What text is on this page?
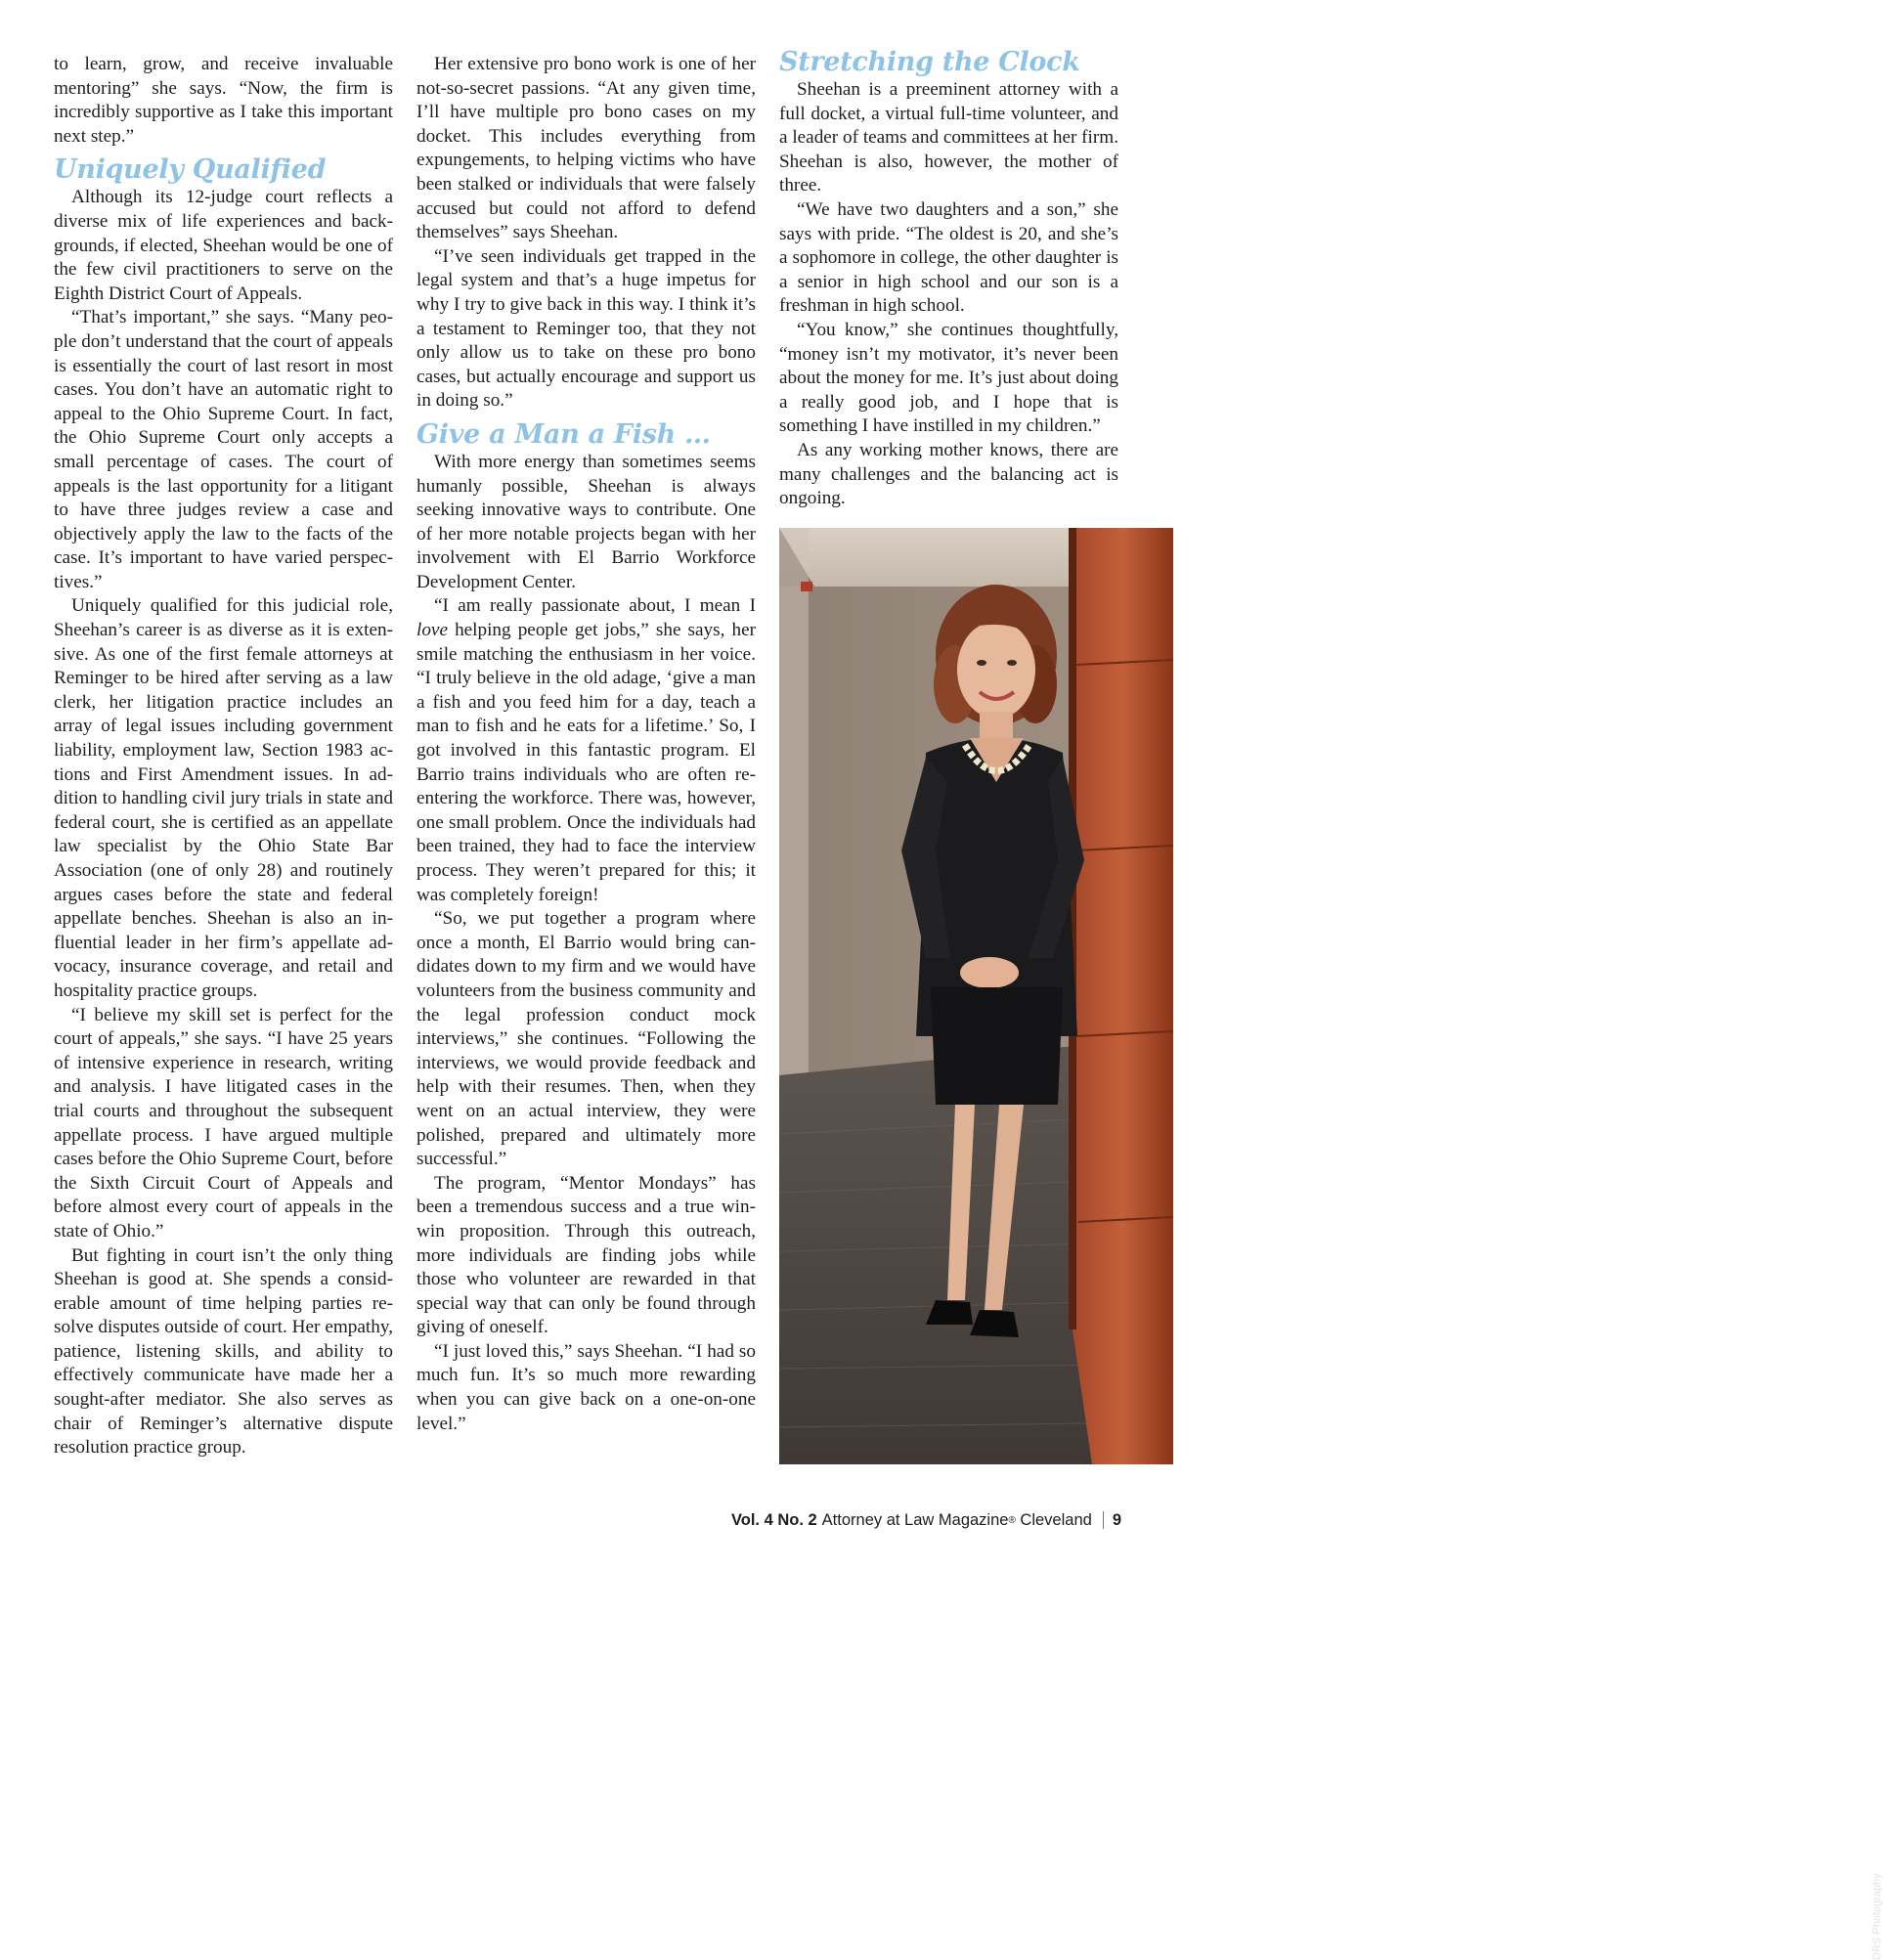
to learn, grow, and receive invaluable mentoring” she says. “Now, the firm is incredibly supportive as I take this important next step.”

Uniquely Qualified

Although its 12-judge court reflects a diverse mix of life experiences and backgrounds, if elected, Sheehan would be one of the few civil practitioners to serve on the Eighth District Court of Appeals.

“That’s important,” she says. “Many people don’t understand that the court of appeals is essentially the court of last resort in most cases. You don’t have an automatic right to appeal to the Ohio Supreme Court. In fact, the Ohio Supreme Court only accepts a small percentage of cases. The court of appeals is the last opportunity for a litigant to have three judges review a case and objectively apply the law to the facts of the case. It’s important to have varied perspectives.”

Uniquely qualified for this judicial role, Sheehan’s career is as diverse as it is extensive. As one of the first female attorneys at Reminger to be hired after serving as a law clerk, her litigation practice includes an array of legal issues including government liability, employment law, Section 1983 actions and First Amendment issues. In addition to handling civil jury trials in state and federal court, she is certified as an appellate law specialist by the Ohio State Bar Association (one of only 28) and routinely argues cases before the state and federal appellate benches. Sheehan is also an influential leader in her firm’s appellate advocacy, insurance coverage, and retail and hospitality practice groups.

“I believe my skill set is perfect for the court of appeals,” she says. “I have 25 years of intensive experience in research, writing and analysis. I have litigated cases in the trial courts and throughout the subsequent appellate process. I have argued multiple cases before the Ohio Supreme Court, before the Sixth Circuit Court of Appeals and before almost every court of appeals in the state of Ohio.”

But fighting in court isn’t the only thing Sheehan is good at. She spends a considerable amount of time helping parties resolve disputes outside of court. Her empathy, patience, listening skills, and ability to effectively communicate have made her a sought-after mediator. She also serves as chair of Reminger’s alternative dispute resolution practice group.

Her extensive pro bono work is one of her not-so-secret passions. “At any given time, I’ll have multiple pro bono cases on my docket. This includes everything from expungements, to helping victims who have been stalked or individuals that were falsely accused but could not afford to defend themselves” says Sheehan.

“I’ve seen individuals get trapped in the legal system and that’s a huge impetus for why I try to give back in this way. I think it’s a testament to Reminger too, that they not only allow us to take on these pro bono cases, but actually encourage and support us in doing so.”

Give a Man a Fish …

With more energy than sometimes seems humanly possible, Sheehan is always seeking innovative ways to contribute. One of her more notable projects began with her involvement with El Barrio Workforce Development Center.

“I am really passionate about, I mean I love helping people get jobs,” she says, her smile matching the enthusiasm in her voice. “I truly believe in the old adage, ‘give a man a fish and you feed him for a day, teach a man to fish and he eats for a lifetime.’ So, I got involved in this fantastic program. El Barrio trains individuals who are often re-entering the workforce. There was, however, one small problem. Once the individuals had been trained, they had to face the interview process. They weren’t prepared for this; it was completely foreign!

“So, we put together a program where once a month, El Barrio would bring candidates down to my firm and we would have volunteers from the business community and the legal profession conduct mock interviews,” she continues. “Following the interviews, we would provide feedback and help with their resumes. Then, when they went on an actual interview, they were polished, prepared and ultimately more successful.”

The program, “Mentor Mondays” has been a tremendous success and a true win-win proposition. Through this outreach, more individuals are finding jobs while those who volunteer are rewarded in that special way that can only be found through giving of oneself.

“I just loved this,” says Sheehan. “I had so much fun. It’s so much more rewarding when you can give back on a one-on-one level.”

Stretching the Clock

Sheehan is a preeminent attorney with a full docket, a virtual full-time volunteer, and a leader of teams and committees at her firm. Sheehan is also, however, the mother of three.

“We have two daughters and a son,” she says with pride. “The oldest is 20, and she’s a sophomore in college, the other daughter is a senior in high school and our son is a freshman in high school.

“You know,” she continues thoughtfully, “money isn’t my motivator, it’s never been about the money for me. It’s just about doing a really good job, and I hope that is something I have instilled in my children.”

As any working mother knows, there are many challenges and the balancing act is ongoing.

DRS Photography
Vol. 4 No. 2 Attorney at Law Magazine ®
Cleveland 9
